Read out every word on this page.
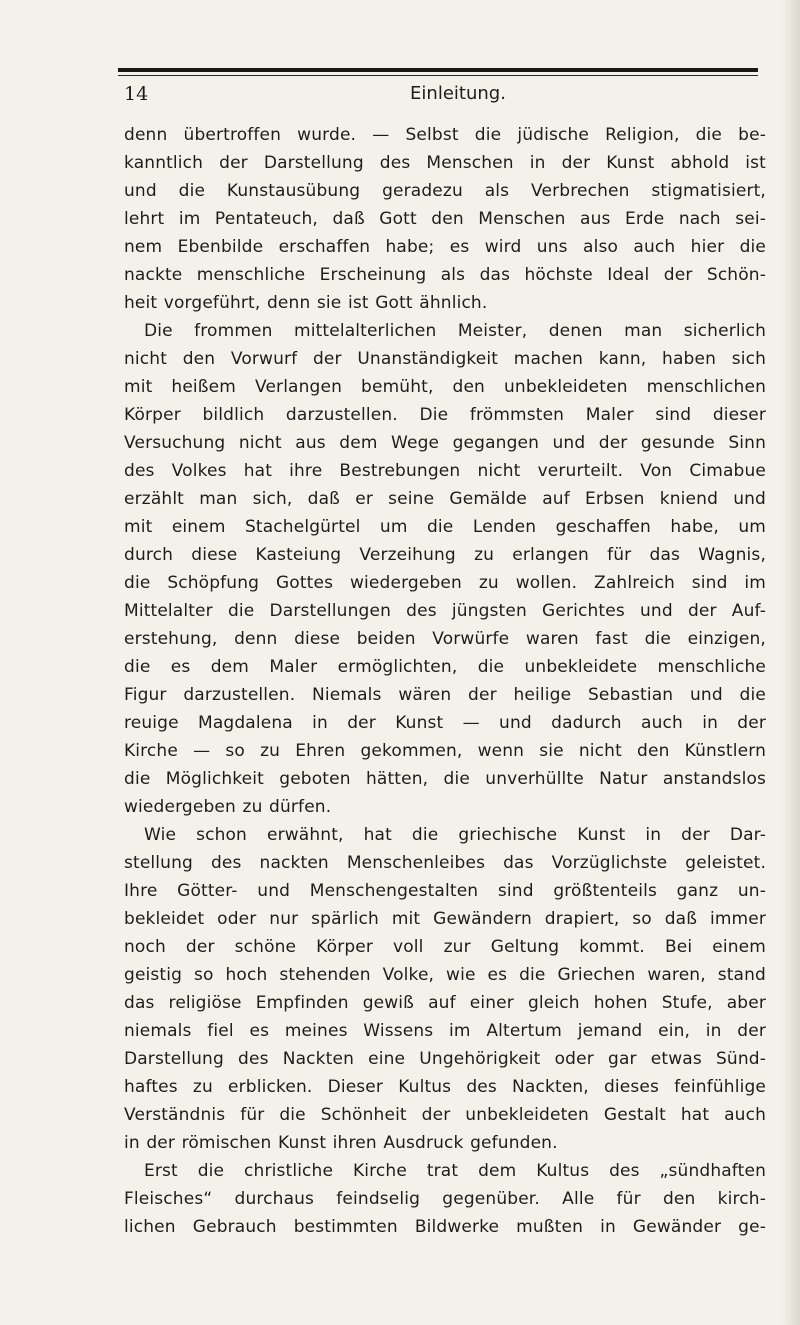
14	Einleitung.
denn übertroffen wurde. — Selbst die jüdische Religion, die be-
kanntlich der Darstellung des Menschen in der Kunst abhold ist
und die Kunstausübung geradezu als Verbrechen stigmatisiert,
lehrt im Pentateuch, daß Gott den Menschen aus Erde nach sei-
nem Ebenbilde erschaffen habe; es wird uns also auch hier die
nackte menschliche Erscheinung als das höchste Ideal der Schön-
heit vorgeführt, denn sie ist Gott ähnlich.
Die frommen mittelalterlichen Meister, denen man sicherlich
nicht den Vorwurf der Unanständigkeit machen kann, haben sich
mit heißem Verlangen bemüht, den unbekleideten menschlichen
Körper bildlich darzustellen. Die frömmsten Maler sind dieser
Versuchung nicht aus dem Wege gegangen und der gesunde Sinn
des Volkes hat ihre Bestrebungen nicht verurteilt. Von Cimabue
erzählt man sich, daß er seine Gemälde auf Erbsen kniend und
mit einem Stachelgürtel um die Lenden geschaffen habe, um
durch diese Kasteiung Verzeihung zu erlangen für das Wagnis,
die Schöpfung Gottes wiedergeben zu wollen. Zahlreich sind im
Mittelalter die Darstellungen des jüngsten Gerichtes und der Auf-
erstehung, denn diese beiden Vorwürfe waren fast die einzigen,
die es dem Maler ermöglichten, die unbekleidete menschliche
Figur darzustellen. Niemals wären der heilige Sebastian und die
reuige Magdalena in der Kunst — und dadurch auch in der
Kirche — so zu Ehren gekommen, wenn sie nicht den Künstlern
die Möglichkeit geboten hätten, die unverhüllte Natur anstandslos
wiedergeben zu dürfen.
Wie schon erwähnt, hat die griechische Kunst in der Dar-
stellung des nackten Menschenleibes das Vorzüglichste geleistet.
Ihre Götter- und Menschengestalten sind größtenteils ganz un-
bekleidet oder nur spärlich mit Gewändern drapiert, so daß immer
noch der schöne Körper voll zur Geltung kommt. Bei einem
geistig so hoch stehenden Volke, wie es die Griechen waren, stand
das religiöse Empfinden gewiß auf einer gleich hohen Stufe, aber
niemals fiel es meines Wissens im Altertum jemand ein, in der
Darstellung des Nackten eine Ungehörigkeit oder gar etwas Sünd-
haftes zu erblicken. Dieser Kultus des Nackten, dieses feinfühlige
Verständnis für die Schönheit der unbekleideten Gestalt hat auch
in der römischen Kunst ihren Ausdruck gefunden.
Erst die christliche Kirche trat dem Kultus des „sündhaften
Fleisches“ durchaus feindselig gegenüber. Alle für den kirch-
lichen Gebrauch bestimmten Bildwerke mußten in Gewänder ge-
